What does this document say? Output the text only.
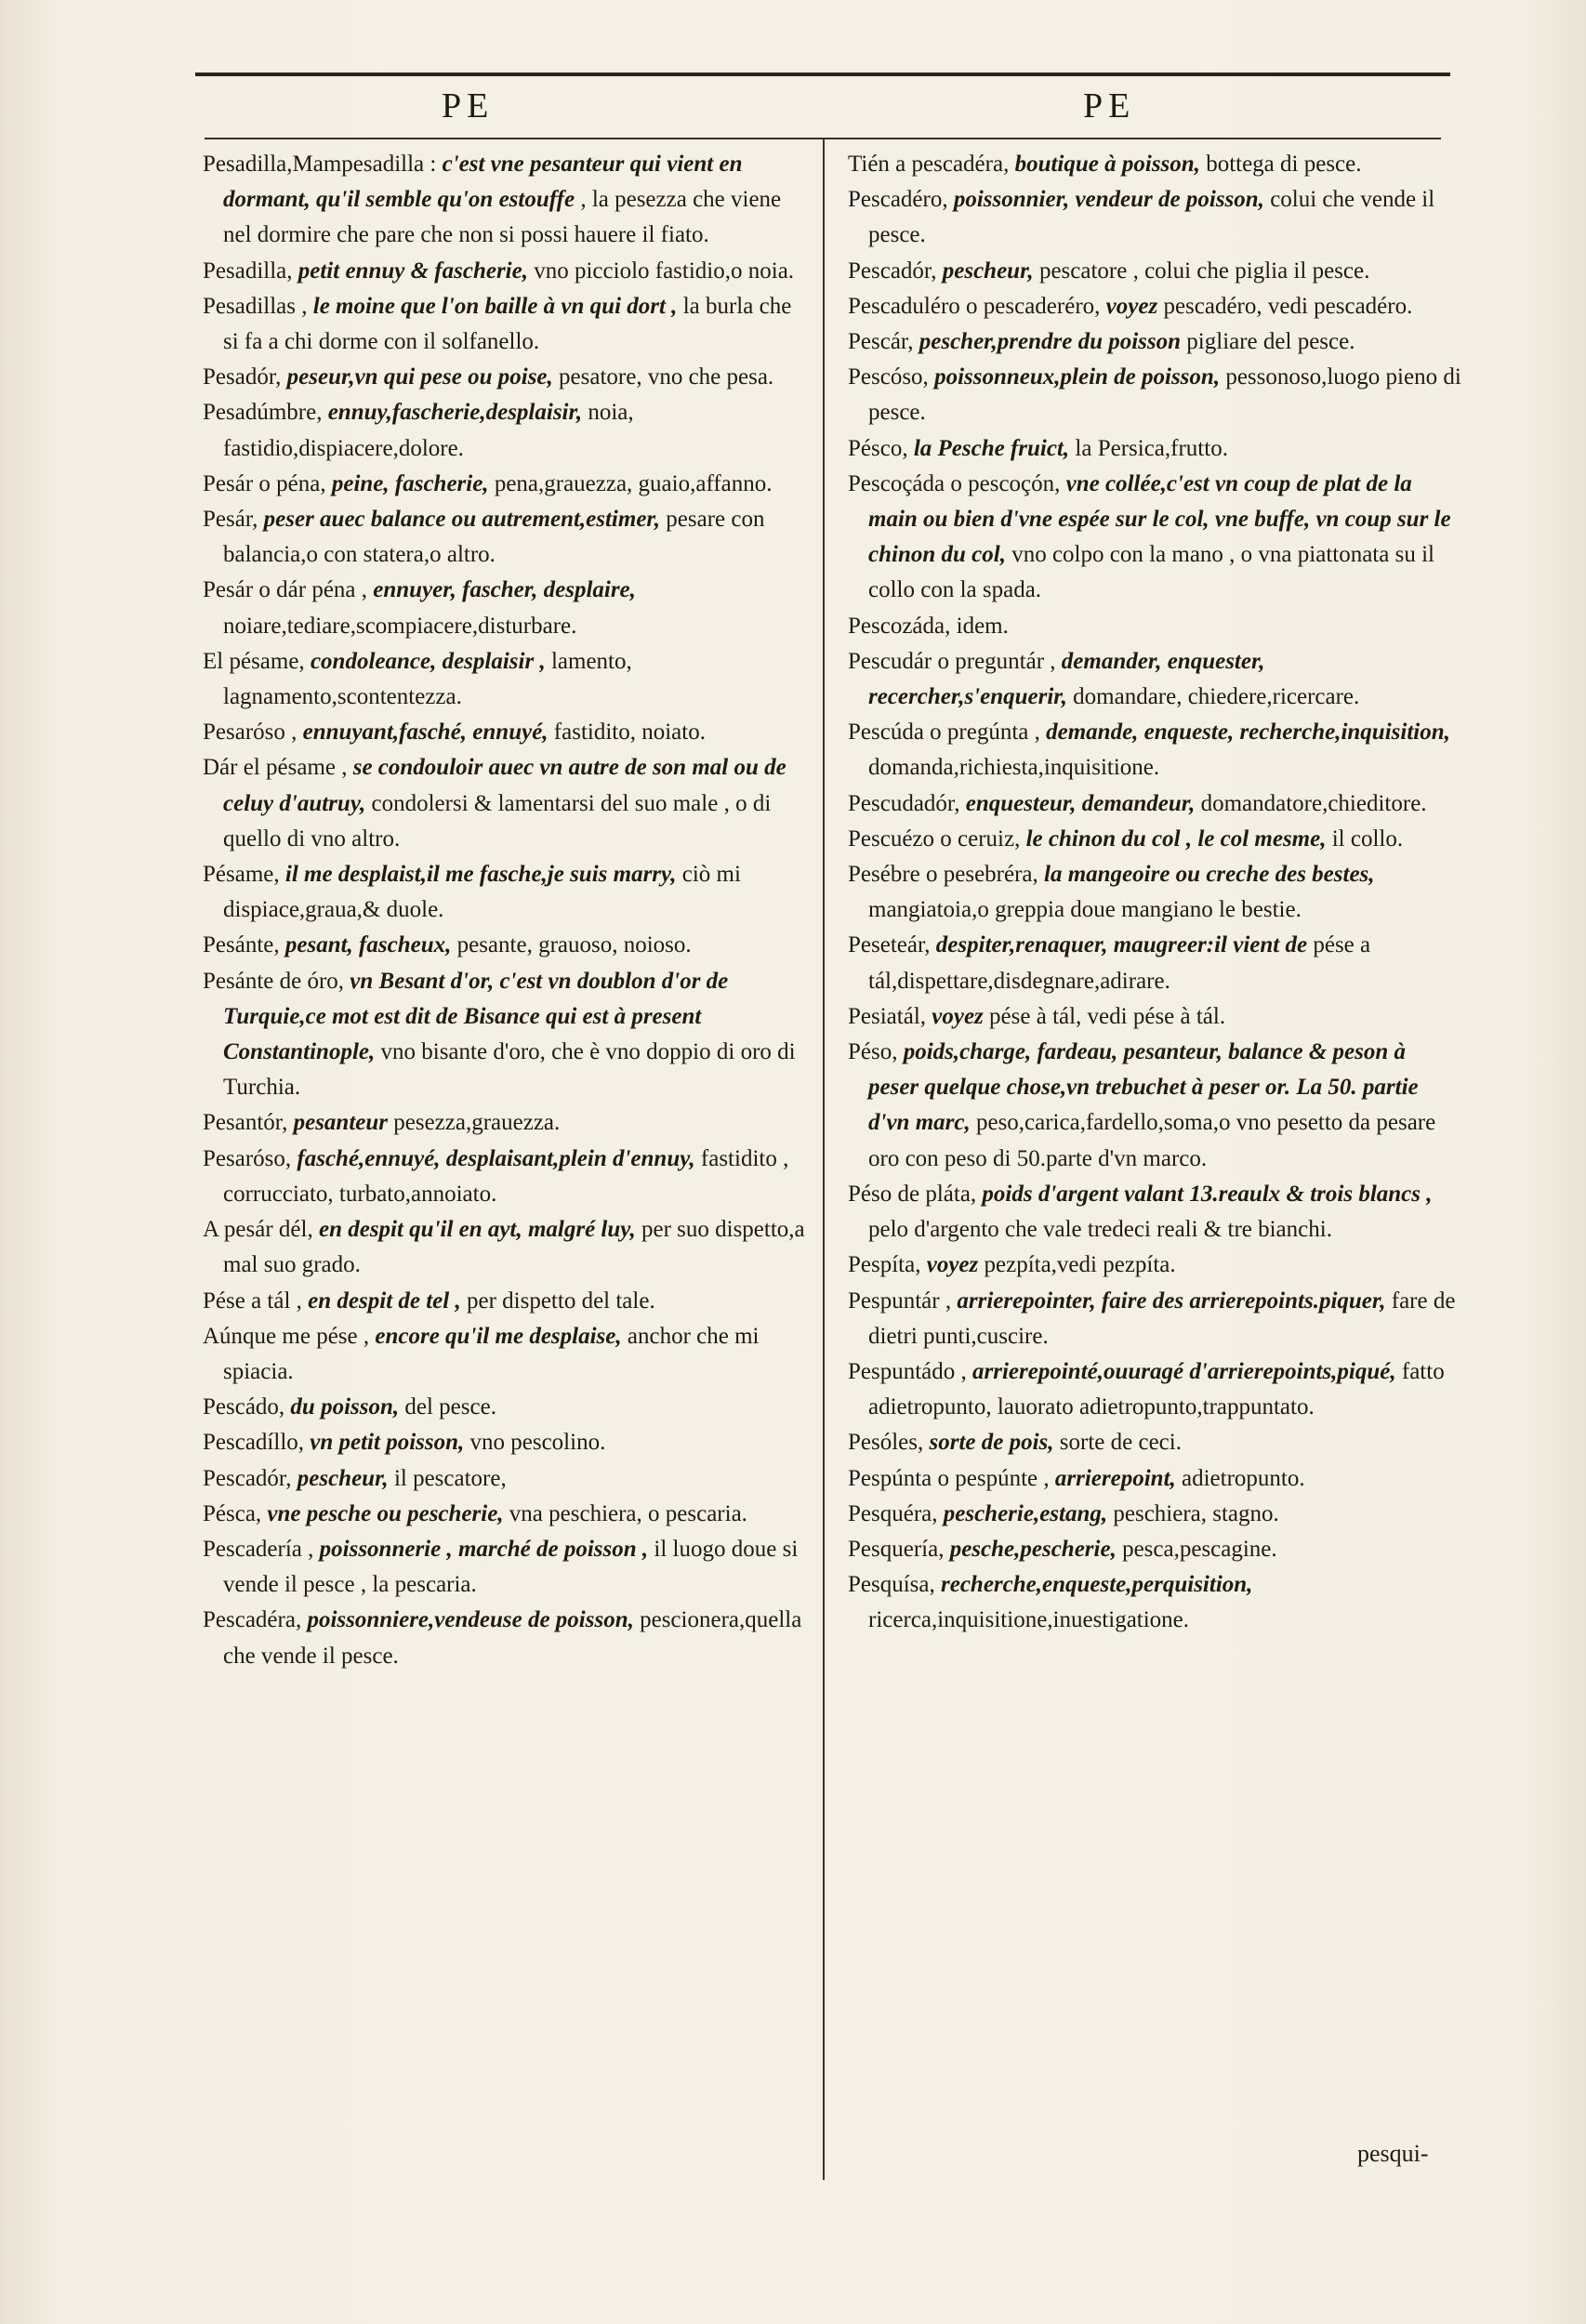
PE	PE
Pesadilla,Mampesadilla : c'est vne pesanteur qui vient en dormant, qu'il semble qu'on estouffe , la pesezza che viene nel dormire che pare che non si possi hauere il fiato.
Pesadilla, petit ennuy & fascherie, vno picciolo fastidio,o noia.
Pesadillas , le moine que l'on baille à vn qui dort , la burla che si fa a chi dorme con il solfanello.
Pesadór, peseur,vn qui pese ou poise, pesatore, vno che pesa.
Pesadúmbre, ennuy,fascherie,desplaisir, noia, fastidio,dispiacere,dolore.
Pesár o péna, peine, fascherie, pena,grauezza, guaio,affanno.
Pesár, peser auec balance ou autrement,estimer, pesare con balancia,o con statera,o altro.
Pesár o dár péna , ennuyer, fascher, desplaire, noiare,tediare,scompiacere,disturbare.
El pésame, condoleance, desplaisir , lamento, lagnamento,scontentezza.
Pesaróso , ennuyant,fasché, ennuyé, fastidito, noiato.
Dár el pésame , se condouloir auec vn autre de son mal ou de celuy d'autruy, condolersi & lamentarsi del suo male , o di quello di vno altro.
Pésame, il me desplaist,il me fasche,je suis marry, ciò mi dispiace,graua,& duole.
Pesánte, pesant, fascheux, pesante, grauoso, noioso.
Pesánte de óro, vn Besant d'or, c'est vn doublon d'or de Turquie,ce mot est dit de Bisance qui est à present Constantinople, vno bisante d'oro, che è vno doppio di oro di Turchia.
Pesantór, pesanteur pesezza,grauezza.
Pesaróso, fasché,ennuyé, desplaisant,plein d'ennuy, fastidito , corrucciato, turbato,annoiato.
A pesár dél, en despit qu'il en ayt, malgré luy, per suo dispetto,a mal suo grado.
Pése a tál , en despit de tel , per dispetto del tale.
Aúnque me pése , encore qu'il me desplaise, anchor che mi spiacia.
Pescádo, du poisson, del pesce.
Pescadíllo, vn petit poisson, vno pescolino.
Pescadór, pescheur, il pescatore,
Pésca, vne pesche ou pescherie, vna peschiera, o pescaria.
Pescadería , poissonnerie , marché de poisson , il luogo doue si vende il pesce , la pescaria.
Pescadéra, poissonniere,vendeuse de poisson, pescionera,quella che vende il pesce.
Tién a pescadéra, boutique à poisson, bottega di pesce.
Pescadéro, poissonnier, vendeur de poisson, colui che vende il pesce.
Pescadór, pescheur, pescatore , colui che piglia il pesce.
Pescaduléro o pescaderéro, voyez pescadéro, vedi pescadéro.
Pescár, pescher,prendre du poisson pigliare del pesce.
Pescóso, poissonneux,plein de poisson, pessonoso,luogo pieno di pesce.
Pésco, la Pesche fruict, la Persica,frutto.
Pescoçáda o pescoçón, vne collée,c'est vn coup de plat de la main ou bien d'vne espée sur le col, vne buffe, vn coup sur le chinon du col, vno colpo con la mano , o vna piattonata su il collo con la spada.
Pescozáda, idem.
Pescudár o preguntár , demander, enquester, recercher,s'enquerir, domandare, chiedere,ricercare.
Pescúda o pregúnta , demande, enqueste, recherche,inquisition, domanda,richiesta,inquisitione.
Pescudadór, enquesteur, demandeur, domandatore,chieditore.
Pescuézo o ceruiz, le chinon du col , le col mesme, il collo.
Pesébre o pesebréra, la mangeoire ou creche des bestes, mangiatoia,o greppia doue mangiano le bestie.
Peseteár, despiter,renaquer, maugreer:il vient de pése a tál,dispettare,disdegnare,adirare.
Pesiatál, voyez pése à tál, vedi pése à tál.
Péso, poids,charge, fardeau, pesanteur, balance & peson à peser quelque chose,vn trebuchet à peser or. La 50. partie d'vn marc, peso,carica,fardello,soma,o vno pesetto da pesare oro con peso di 50.parte d'vn marco.
Péso de pláta, poids d'argent valant 13.reaulx & trois blancs , pelo d'argento che vale tredeci reali & tre bianchi.
Pespíta, voyez pezpíta,vedi pezpíta.
Pespuntár , arrierepointer, faire des arrierepoints.piquer, fare de dietri punti,cuscire.
Pespuntádo , arrierepointé,ouuragé d'arrierepoints,piqué, fatto adietropunto, lauorato adietropunto,trappuntato.
Pesóles, sorte de pois, sorte de ceci.
Pespúnta o pespúnte , arrierepoint, adietropunto.
Pesquéra, pescherie,estang, peschiera, stagno.
Pesquería, pesche,pescherie, pesca,pescagine.
Pesquísa, recherche,enqueste,perquisition, ricerca,inquisitione,inuestigatione.
pesqui-
